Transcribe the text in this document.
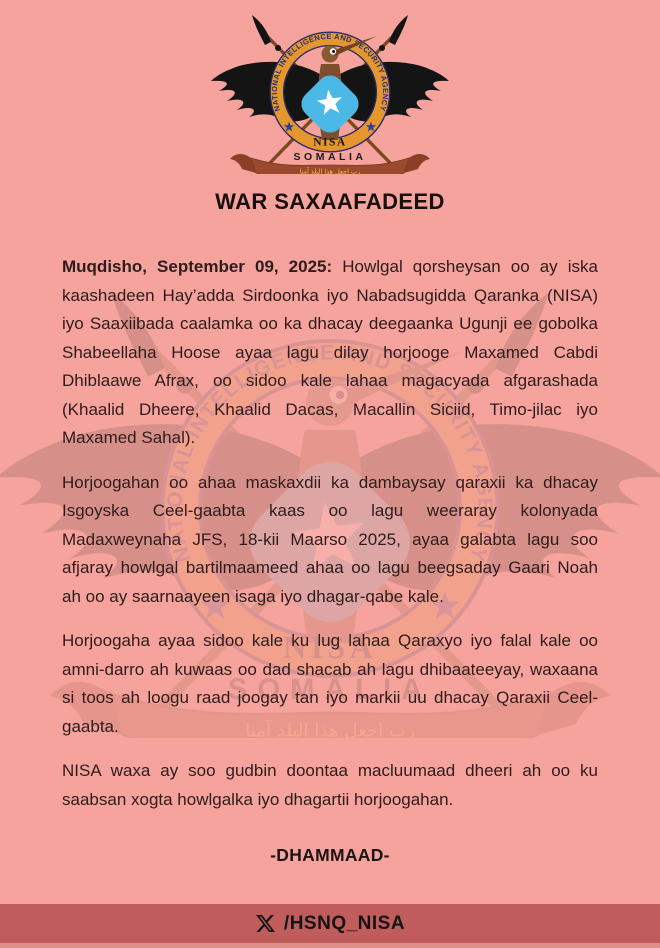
WAR SAXAAFADEED

Muqdisho, September 09, 2025: Howlgal qorsheysan oo ay iska kaashadeen Hay’adda Sirdoonka iyo Nabadsugidda Qaranka (NISA) iyo Saaxiibada caalamka oo ka dhacay deegaanka Ugunji ee gobolka Shabeellaha Hoose ayaa lagu dilay horjooge Maxamed Cabdi Dhiblaawe Afrax, oo sidoo kale lahaa magacyada afgarashada (Khaalid Dheere, Khaalid Dacas, Macallin Siciid, Timo-jilac iyo Maxamed Sahal).

Horjoogahan oo ahaa maskaxdii ka dambaysay qaraxii ka dhacay Isgoyska Ceel-gaabta kaas oo lagu weeraray kolonyada Madaxweynaha JFS, 18-kii Maarso 2025, ayaa galabta lagu soo afjaray howlgal bartilmaameed ahaa oo lagu beegsaday Gaari Noah ah oo ay saarnaayeen isaga iyo dhagar-qabe kale.

Horjoogaha ayaa sidoo kale ku lug lahaa Qaraxyo iyo falal kale oo amni-darro ah kuwaas oo dad shacab ah lagu dhibaateeyay, waxaana si toos ah loogu raad joogay tan iyo markii uu dhacay Qaraxii Ceel-gaabta.

NISA waxa ay soo gudbin doontaa macluumaad dheeri ah oo ku saabsan xogta howlgalka iyo dhagartii horjoogahan.

-DHAMMAAD-
/HSNQ_NISA
